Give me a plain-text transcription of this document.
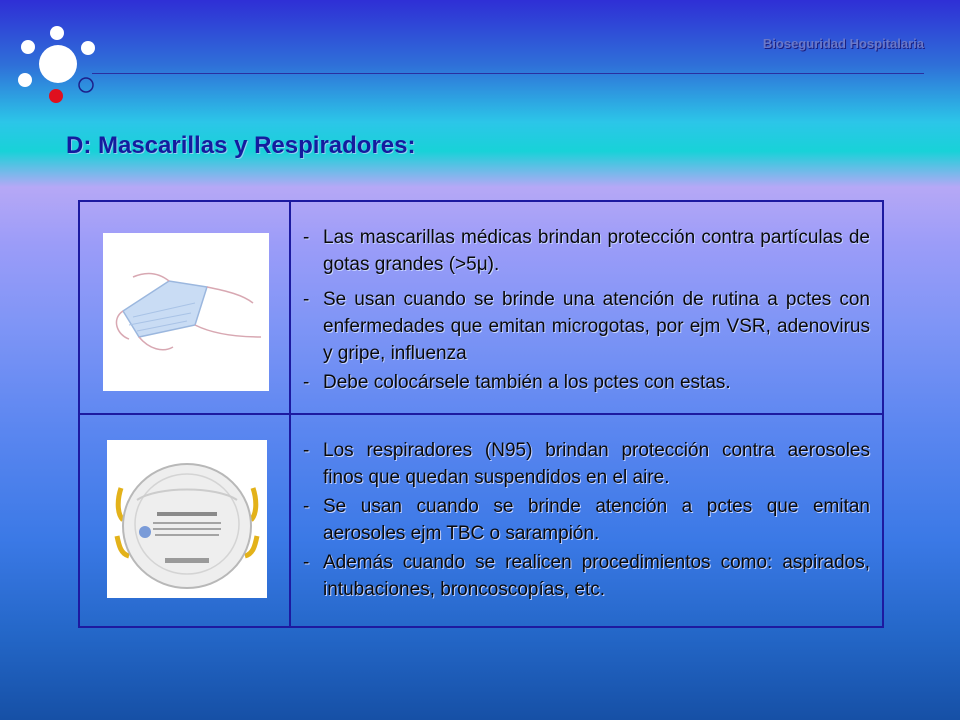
Bioseguridad Hospitalaria
D: Mascarillas y Respiradores:
- Las mascarillas médicas brindan protección contra partículas de gotas grandes (>5μ).
- Se usan cuando se brinde una atención de rutina a pctes con enfermedades que emitan microgotas, por ejm VSR, adenovirus y gripe, influenza
- Debe colocársele también a los pctes con estas.
- Los respiradores (N95) brindan protección contra aerosoles finos que quedan suspendidos en el aire.
- Se usan cuando se brinde atención a pctes que emitan aerosoles ejm TBC o sarampión.
- Además cuando se realicen procedimientos como: aspirados, intubaciones, broncoscopías, etc.
